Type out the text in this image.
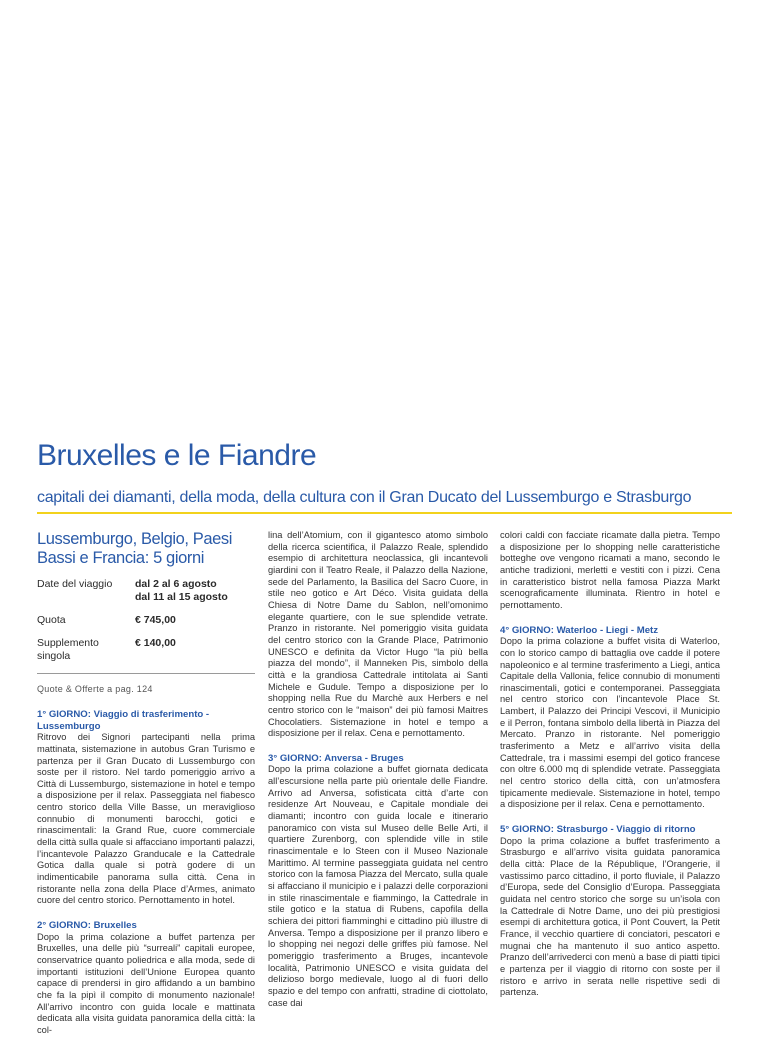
Bruxelles e le Fiandre
capitali dei diamanti, della moda, della cultura con il Gran Ducato del Lussemburgo e Strasburgo
Lussemburgo, Belgio, Paesi Bassi e Francia: 5 giorni
Date del viaggio	dal 2 al 6 agosto
dal 11 al 15 agosto
Quota	€ 745,00
Supplemento singola
€ 140,00
Quote & Offerte a pag. 124
1° GIORNO: Viaggio di trasferimento - Lussemburgo
Ritrovo dei Signori partecipanti nella prima mattinata, sistemazione in autobus Gran Turismo e partenza per il Gran Ducato di Lussemburgo con soste per il ristoro. Nel tardo pomeriggio arrivo a Città di Lussemburgo, sistemazione in hotel e tempo a disposizione per il relax. Passeggiata nel fiabesco centro storico della Ville Basse, un meraviglioso connubio di monumenti barocchi, gotici e rinascimentali: la Grand Rue, cuore commerciale della città sulla quale si affacciano importanti palazzi, l’incantevole Palazzo Granducale e la Cattedrale Gotica dalla quale si potrà godere di un indimenticabile panorama sulla città. Cena in ristorante nella zona della Place d’Armes, animato cuore del centro storico. Pernottamento in hotel.
2° GIORNO: Bruxelles
Dopo la prima colazione a buffet partenza per Bruxelles, una delle più “surreali” capitali europee, conservatrice quanto poliedrica e alla moda, sede di importanti istituzioni dell’Unione Europea quanto capace di prendersi in giro affidando a un bambino che fa la pipì il compito di monumento nazionale! All’arrivo incontro con guida locale e mattinata dedicata alla visita guidata panoramica della città: la col-
lina dell’Atomium, con il gigantesco atomo simbolo della ricerca scientifica, il Palazzo Reale, splendido esempio di architettura neoclassica, gli incantevoli giardini con il Teatro Reale, il Palazzo della Nazione, sede del Parlamento, la Basilica del Sacro Cuore, in stile neo gotico e Art Déco. Visita guidata della Chiesa di Notre Dame du Sablon, nell’omonimo elegante quartiere, con le sue splendide vetrate. Pranzo in ristorante. Nel pomeriggio visita guidata del centro storico con la Grande Place, Patrimonio UNESCO e definita da Victor Hugo “la più bella piazza del mondo”, il Manneken Pis, simbolo della città e la grandiosa Cattedrale intitolata ai Santi Michele e Gudule. Tempo a disposizione per lo shopping nella Rue du Marchè aux Herbers e nel centro storico con le “maison” dei più famosi Maitres Chocolatiers. Sistemazione in hotel e tempo a disposizione per il relax. Cena e pernottamento.
3° GIORNO: Anversa - Bruges
Dopo la prima colazione a buffet giornata dedicata all’escursione nella parte più orientale delle Fiandre. Arrivo ad Anversa, sofisticata città d’arte con residenze Art Nouveau, e Capitale mondiale dei diamanti; incontro con guida locale e itinerario panoramico con vista sul Museo delle Belle Arti, il quartiere Zurenborg, con splendide ville in stile rinascimentale e lo Steen con il Museo Nazionale Marittimo. Al termine passeggiata guidata nel centro storico con la famosa Piazza del Mercato, sulla quale si affacciano il municipio e i palazzi delle corporazioni in stile rinascimentale e fiammingo, la Cattedrale in stile gotico e la statua di Rubens, capofila della schiera dei pittori fiamminghi e cittadino più illustre di Anversa. Tempo a disposizione per il pranzo libero e lo shopping nei negozi delle griffes più famose. Nel pomeriggio trasferimento a Bruges, incantevole località, Patrimonio UNESCO e visita guidata del delizioso borgo medievale, luogo al di fuori dello spazio e del tempo con anfratti, stradine di ciottolato, case dai
colori caldi con facciate ricamate dalla pietra. Tempo a disposizione per lo shopping nelle caratteristiche botteghe ove vengono ricamati a mano, secondo le antiche tradizioni, merletti e vestiti con i pizzi. Cena in caratteristico bistrot nella famosa Piazza Markt scenograficamente illuminata. Rientro in hotel e pernottamento.
4° GIORNO: Waterloo - Liegi - Metz
Dopo la prima colazione a buffet visita di Waterloo, con lo storico campo di battaglia ove cadde il potere napoleonico e al termine trasferimento a Liegi, antica Capitale della Vallonia, felice connubio di monumenti rinascimentali, gotici e contemporanei. Passeggiata nel centro storico con l’incantevole Place St. Lambert, il Palazzo dei Principi Vescovi, il Municipio e il Perron, fontana simbolo della libertà in Piazza del Mercato. Pranzo in ristorante. Nel pomeriggio trasferimento a Metz e all’arrivo visita della Cattedrale, tra i massimi esempi del gotico francese con oltre 6.000 mq di splendide vetrate. Passeggiata nel centro storico della città, con un’atmosfera tipicamente medievale. Sistemazione in hotel, tempo a disposizione per il relax. Cena e pernottamento.
5° GIORNO: Strasburgo - Viaggio di ritorno
Dopo la prima colazione a buffet trasferimento a Strasburgo e all’arrivo visita guidata panoramica della città: Place de la République, l’Orangerie, il vastissimo parco cittadino, il porto fluviale, il Palazzo d’Europa, sede del Consiglio d’Europa. Passeggiata guidata nel centro storico che sorge su un’isola con la Cattedrale di Notre Dame, uno dei più prestigiosi esempi di architettura gotica, il Pont Couvert, la Petit France, il vecchio quartiere di conciatori, pescatori e mugnai che ha mantenuto il suo antico aspetto. Pranzo dell’arrivederci con menù a base di piatti tipici e partenza per il viaggio di ritorno con soste per il ristoro e arrivo in serata nelle rispettive sedi di partenza.
